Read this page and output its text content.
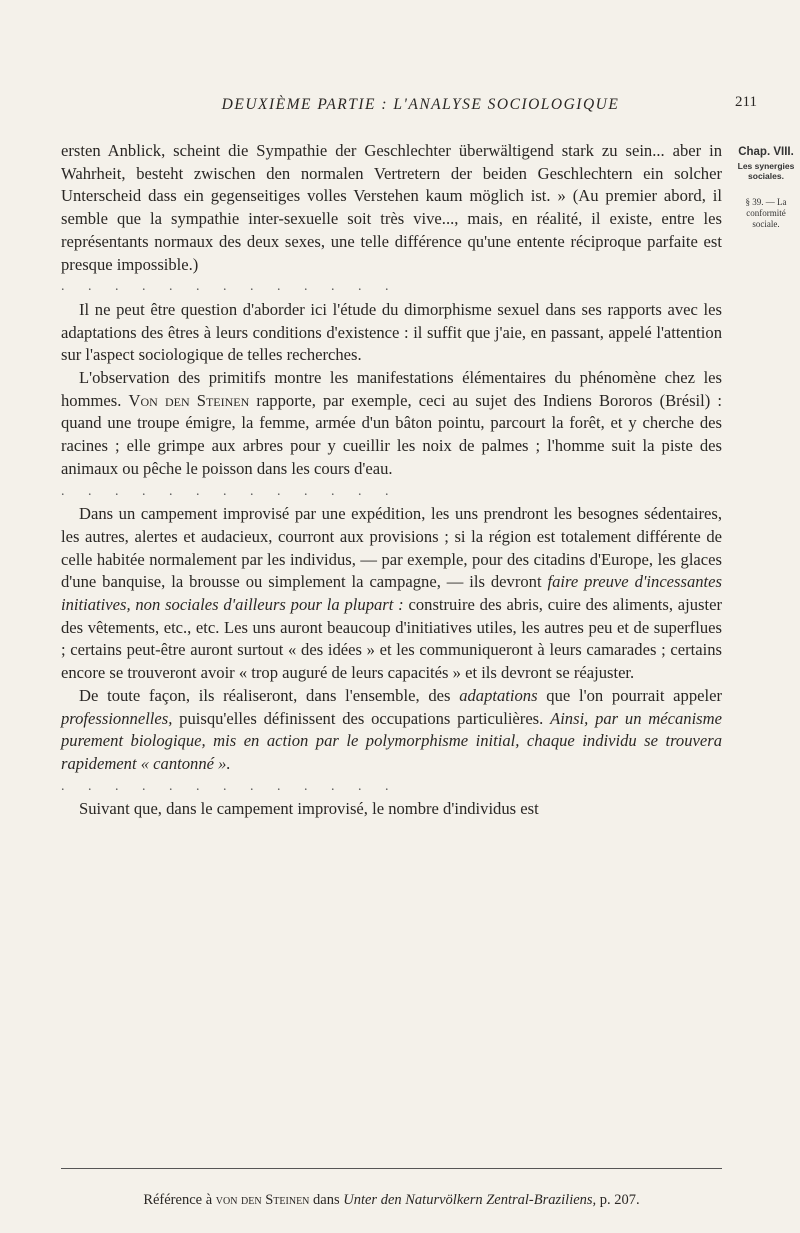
DEUXIÈME PARTIE : L'ANALYSE SOCIOLOGIQUE	211
Chap. VIII.
Les synergies sociales.
§ 39. — La conformité sociale.

ersten Anblick, scheint die Sympathie der Geschlechter überwältigend stark zu sein... aber in Wahrheit, besteht zwischen den normalen Vertretern der beiden Geschlechtern ein solcher Unterscheid dass ein gegenseitiges volles Verstehen kaum möglich ist. » (Au premier abord, il semble que la sympathie inter-sexuelle soit très vive..., mais, en réalité, il existe, entre les représentants normaux des deux sexes, une telle différence qu'une entente réciproque parfaite est presque impossible.)

. . . . . . . . . . . . .

Il ne peut être question d'aborder ici l'étude du dimorphisme sexuel dans ses rapports avec les adaptations des êtres à leurs conditions d'existence : il suffit que j'aie, en passant, appelé l'attention sur l'aspect sociologique de telles recherches.

L'observation des primitifs montre les manifestations élémentaires du phénomène chez les hommes. Von den Steinen rapporte, par exemple, ceci au sujet des Indiens Bororos (Brésil) : quand une troupe émigre, la femme, armée d'un bâton pointu, parcourt la forêt, et y cherche des racines ; elle grimpe aux arbres pour y cueillir les noix de palmes ; l'homme suit la piste des animaux ou pêche le poisson dans les cours d'eau.

. . . . . . . . . . . . .

Dans un campement improvisé par une expédition, les uns prendront les besognes sédentaires, les autres, alertes et audacieux, courront aux provisions ; si la région est totalement différente de celle habitée normalement par les individus, — par exemple, pour des citadins d'Europe, les glaces d'une banquise, la brousse ou simplement la campagne, — ils devront faire preuve d'incessantes initiatives, non sociales d'ailleurs pour la plupart : construire des abris, cuire des aliments, ajuster des vêtements, etc., etc. Les uns auront beaucoup d'initiatives utiles, les autres peu et de superflues ; certains peut-être auront surtout « des idées » et les communiqueront à leurs camarades ; certains encore se trouveront avoir « trop auguré de leurs capacités » et ils devront se réajuster.

De toute façon, ils réaliseront, dans l'ensemble, des adaptations que l'on pourrait appeler professionnelles, puisqu'elles définissent des occupations particulières. Ainsi, par un mécanisme purement biologique, mis en action par le polymorphisme initial, chaque individu se trouvera rapidement « cantonné ».

. . . . . . . . . . . . .

Suivant que, dans le campement improvisé, le nombre d'individus est

Référence à von den Steinen dans Unter den Naturvölkern Zentral-Braziliens, p. 207.
